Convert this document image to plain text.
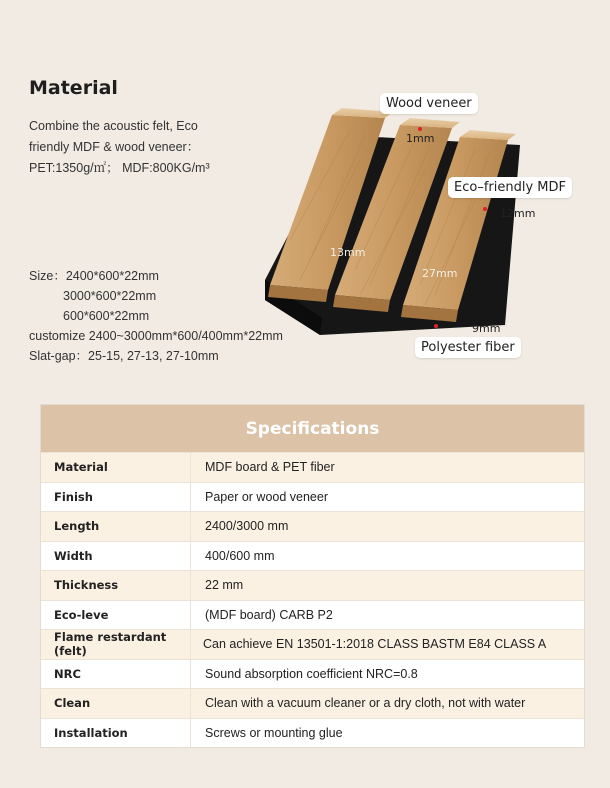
Material
Combine the acoustic felt, Eco
friendly MDF & wood veneer：
PET:1350g/㎡； MDF:800KG/m³
Size：2400*600*22mm
3000*600*22mm
600*600*22mm
customize 2400~3000mm*600/400mm*22mm
Slat-gap：25-15, 27-13, 27-10mm
Wood veneer
1mm
Eco–friendly MDF
12mm
13mm
27mm
9mm
Polyester fiber
Specifications
Material	MDF board & PET fiber
Finish	Paper or wood veneer
Length	2400/3000 mm
Width	400/600 mm
Thickness	22 mm
Eco-leve	(MDF board) CARB P2
Flame restardant (felt)	Can achieve EN 13501-1:2018 CLASS BASTM E84 CLASS A
NRC	Sound absorption coefficient NRC=0.8
Clean	Clean with a vacuum cleaner or a dry cloth, not with water
Installation	Screws or mounting glue
